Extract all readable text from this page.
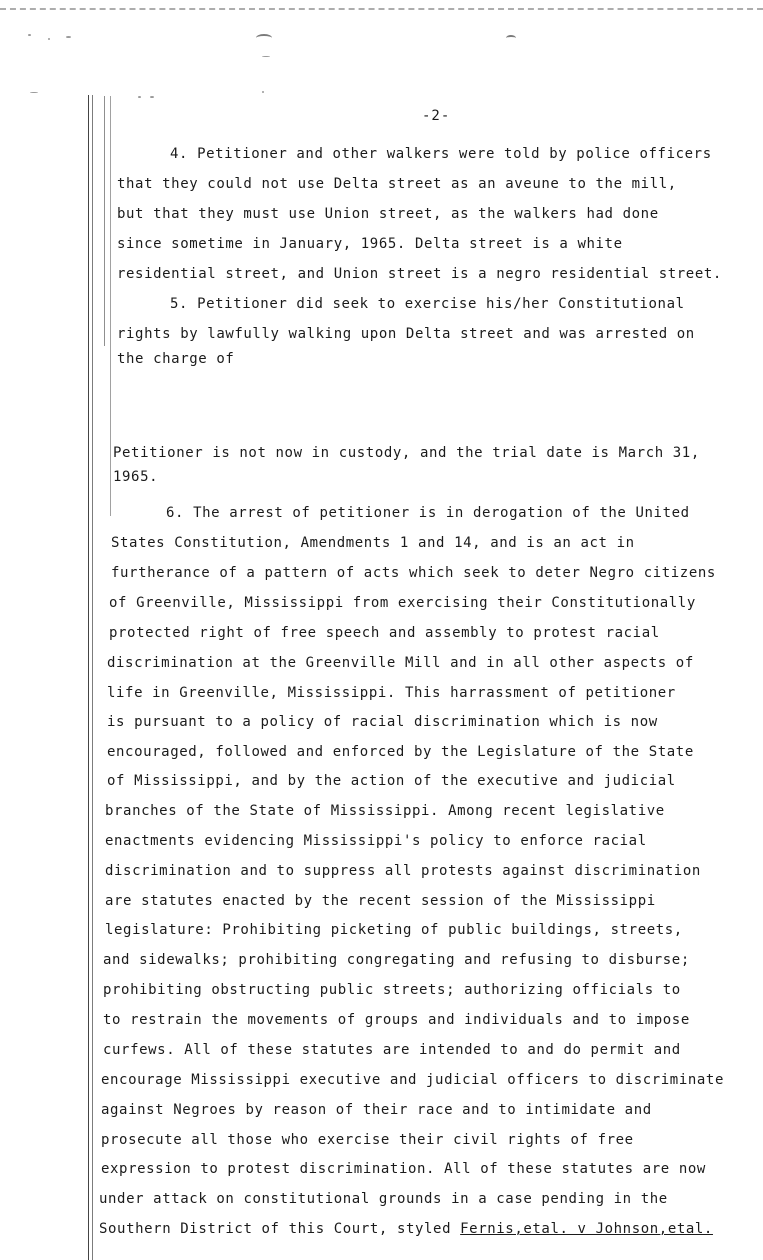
-2-
4. Petitioner and other walkers were told by police officers
that they could not use Delta street as an aveune to the mill,
but that they must use Union street, as the walkers had done
since sometime in January, 1965. Delta street is a white
residential street, and Union street is a negro residential street.
5. Petitioner did seek to exercise his/her Constitutional
rights by lawfully walking upon Delta street and was arrested on
the charge of
Petitioner is not now in custody, and the trial date is March 31,
1965.
6. The arrest of petitioner is in derogation of the United
States Constitution, Amendments 1 and 14, and is an act in
furtherance of a pattern of acts which seek to deter Negro citizens
of Greenville, Mississippi from exercising their Constitutionally
protected right of free speech and assembly to protest racial
discrimination at the Greenville Mill and in all other aspects of
life in Greenville, Mississippi. This harrassment of petitioner
is pursuant to a policy of racial discrimination which is now
encouraged, followed and enforced by the Legislature of the State
of Mississippi, and by the action of the executive and judicial
branches of the State of Mississippi. Among recent legislative
enactments evidencing Mississippi's policy to enforce racial
discrimination and to suppress all protests against discrimination
are statutes enacted by the recent session of the Mississippi
legislature: Prohibiting picketing of public buildings, streets,
and sidewalks; prohibiting congregating and refusing to disburse;
prohibiting obstructing public streets; authorizing officials to
to restrain the movements of groups and individuals and to impose
curfews. All of these statutes are intended to and do permit and
encourage Mississippi executive and judicial officers to discriminate
against Negroes by reason of their race and to intimidate and
prosecute all those who exercise their civil rights of free
expression to protest discrimination. All of these statutes are now
under attack on constitutional grounds in a case pending in the
Southern District of this Court, styled Fernis,etal. v Johnson,etal.
